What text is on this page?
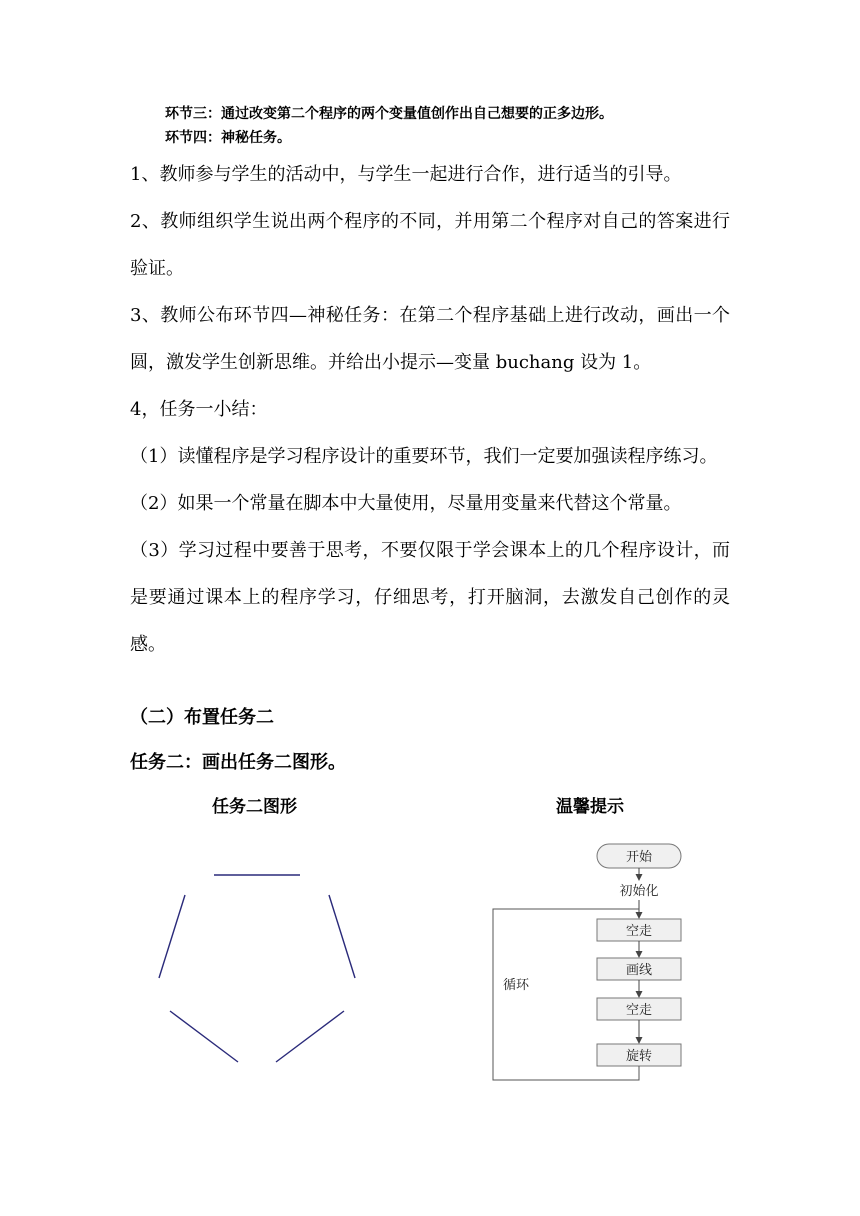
环节三：通过改变第二个程序的两个变量值创作出自己想要的正多边形。
环节四：神秘任务。

1、教师参与学生的活动中，与学生一起进行合作，进行适当的引导。

2、教师组织学生说出两个程序的不同，并用第二个程序对自己的答案进行验证。

3、教师公布环节四—神秘任务：在第二个程序基础上进行改动，画出一个圆，激发学生创新思维。并给出小提示—变量 buchang 设为 1。

4，任务一小结：

（1）读懂程序是学习程序设计的重要环节，我们一定要加强读程序练习。

（2）如果一个常量在脚本中大量使用，尽量用变量来代替这个常量。

（3）学习过程中要善于思考，不要仅限于学会课本上的几个程序设计，而是要通过课本上的程序学习，仔细思考，打开脑洞，去激发自己创作的灵感。

（二）布置任务二
任务二：画出任务二图形。
任务二图形	温馨提示
开始
初始化
空走
画线
空走
旋转
循环
